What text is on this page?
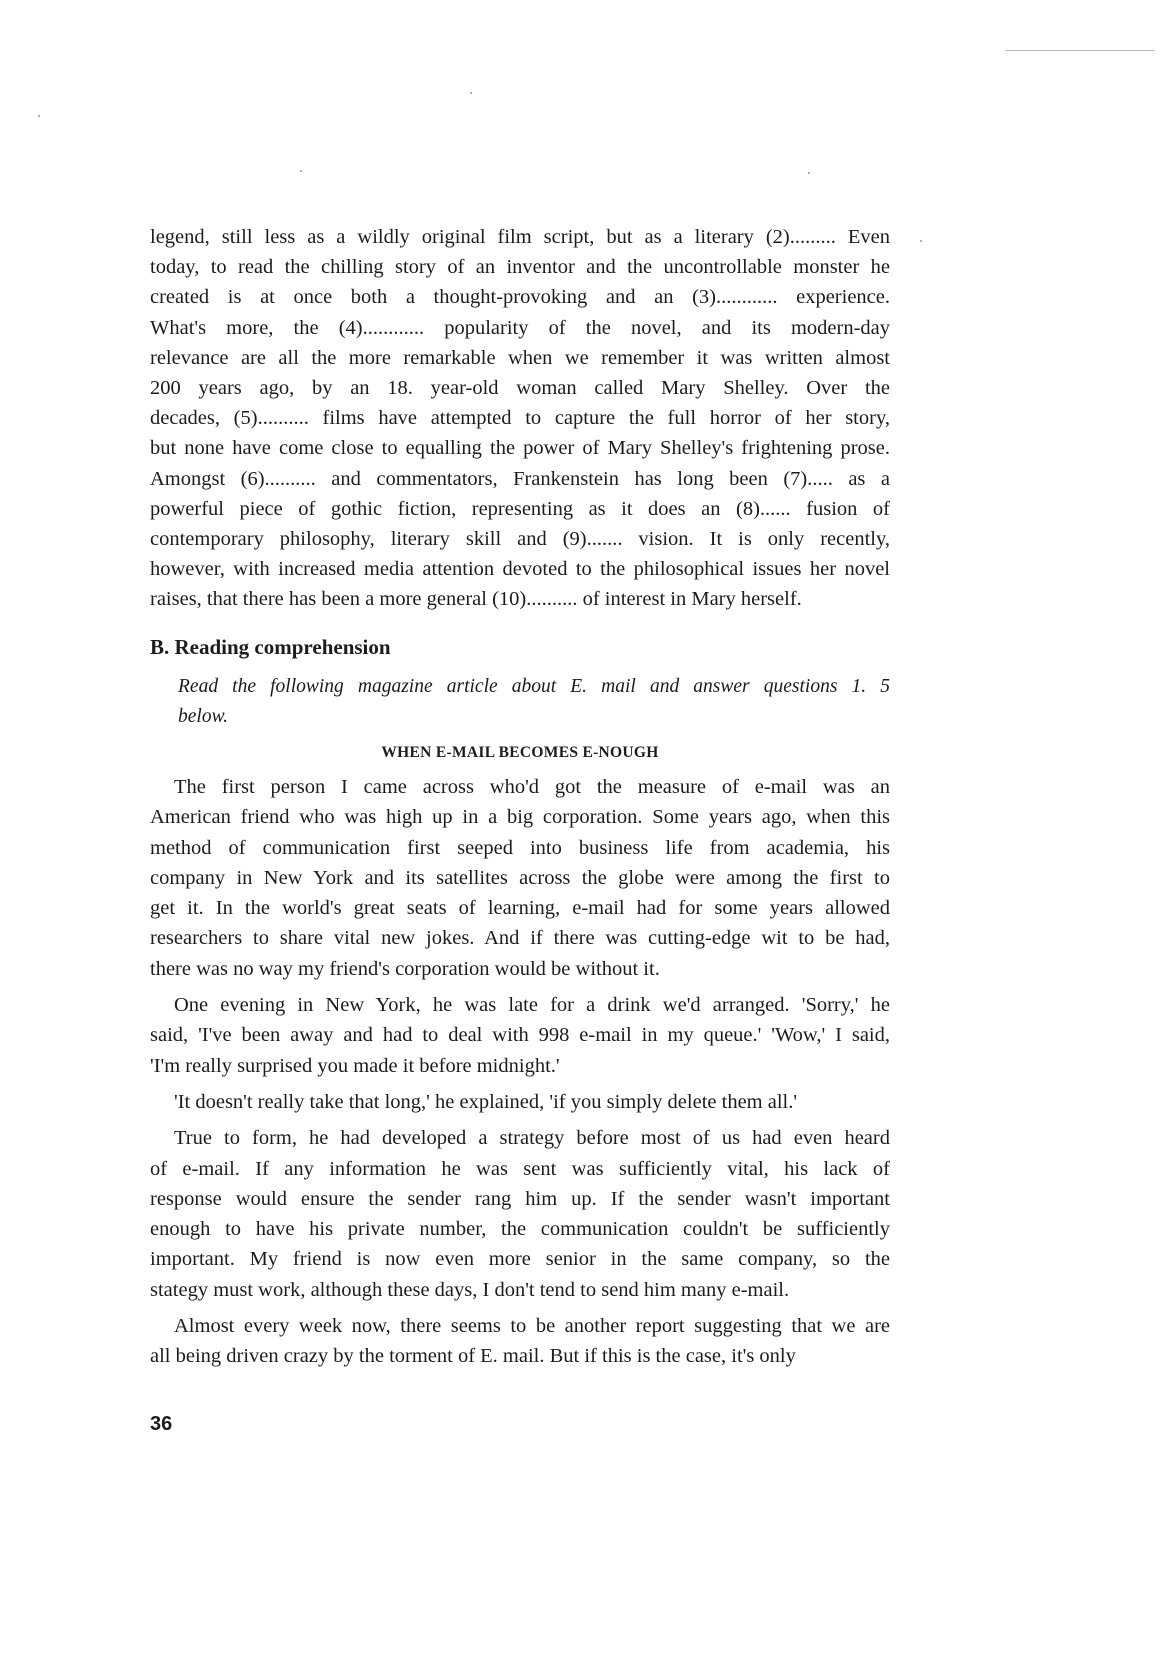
legend, still less as a wildly original film script, but as a literary (2)......... Even
today, to read the chilling story of an inventor and the uncontrollable monster he
created is at once both a thought-provoking and an (3)............ experience.
What's more, the (4)............ popularity of the novel, and its modern-day
relevance are all the more remarkable when we remember it was written almost
200 years ago, by an 18. year-old woman called Mary Shelley. Over the
decades, (5).......... films have attempted to capture the full horror of her story,
but none have come close to equalling the power of Mary Shelley's frightening prose.
Amongst (6).......... and commentators, Frankenstein has long been (7)..... as a
powerful piece of gothic fiction, representing as it does an (8)...... fusion of
contemporary philosophy, literary skill and (9)....... vision. It is only recently,
however, with increased media attention devoted to the philosophical issues her novel
raises, that there has been a more general (10).......... of interest in Mary herself.
B. Reading comprehension
Read the following magazine article about E. mail and answer questions 1. 5
below.
WHEN E-MAIL BECOMES E-NOUGH

The first person I came across who'd got the measure of e-mail was an
American friend who was high up in a big corporation. Some years ago, when this
method of communication first seeped into business life from academia, his
company in New York and its satellites across the globe were among the first to
get it. In the world's great seats of learning, e-mail had for some years allowed
researchers to share vital new jokes. And if there was cutting-edge wit to be had,
there was no way my friend's corporation would be without it.

One evening in New York, he was late for a drink we'd arranged. 'Sorry,' he
said, 'I've been away and had to deal with 998 e-mail in my queue.' 'Wow,' I said,
'I'm really surprised you made it before midnight.'

'It doesn't really take that long,' he explained, 'if you simply delete them all.'

True to form, he had developed a strategy before most of us had even heard
of e-mail. If any information he was sent was sufficiently vital, his lack of
response would ensure the sender rang him up. If the sender wasn't important
enough to have his private number, the communication couldn't be sufficiently
important. My friend is now even more senior in the same company, so the
stategy must work, although these days, I don't tend to send him many e-mail.

Almost every week now, there seems to be another report suggesting that we are
all being driven crazy by the torment of E. mail. But if this is the case, it's only

36
